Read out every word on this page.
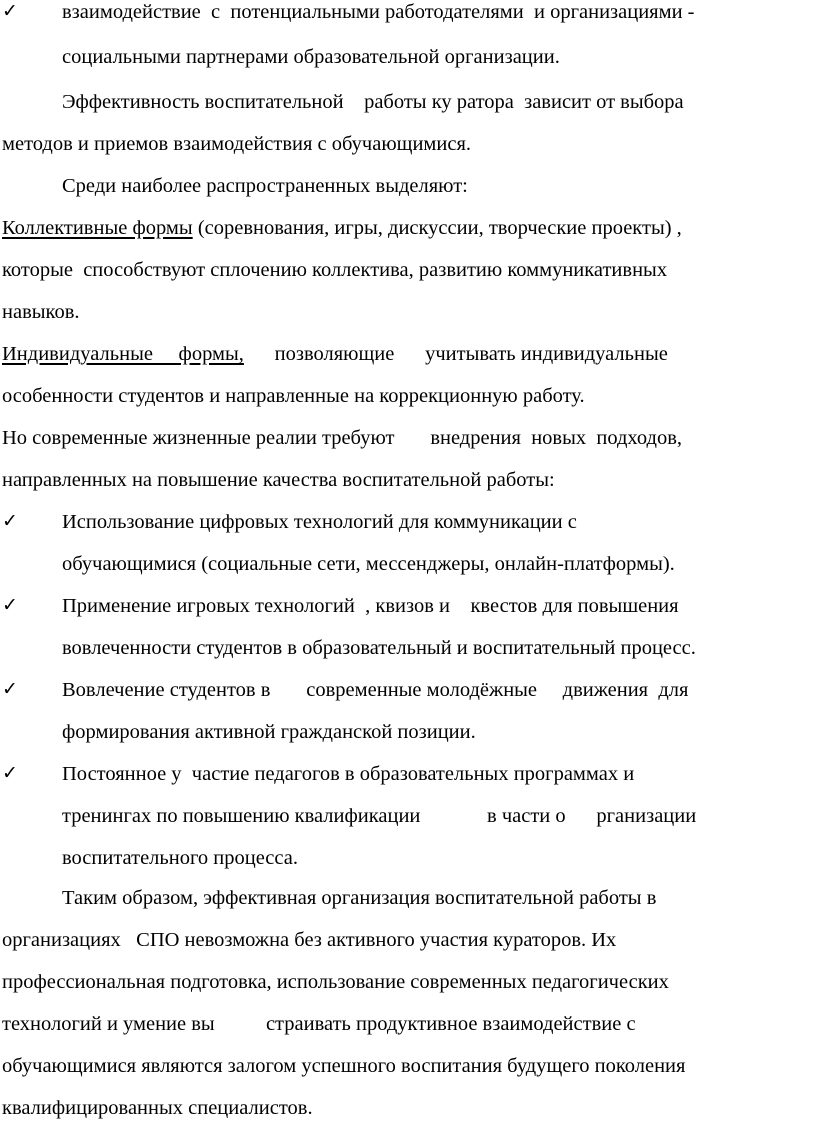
✓ взаимодействие  с  потенциальными работодателями  и организациями -
социальными партнерами образовательной организации.
Эффективность воспитательной    работы ку ратора  зависит от выбора
методов и приемов взаимодействия с обучающимися.
Среди наиболее распространенных выделяют:
Коллективные формы (соревнования, игры, дискуссии, творческие проекты) ,
которые  способствуют сплочению коллектива, развитию коммуникативных
навыков.
Индивидуальные     формы,      позволяющие      учитывать индивидуальные
особенности студентов и направленные на коррекционную работу.
Но современные жизненные реалии требуют       внедрения  новых  подходов,
направленных на повышение качества воспитательной работы:
✓ Использование цифровых технологий для коммуникации с
обучающимися (социальные сети, мессенджеры, онлайн-платформы).
✓ Применение игровых технологий  , квизов и    квестов для повышения
вовлеченности студентов в образовательный и воспитательный процесс.
✓ Вовлечение студентов в       современные молодёжные     движения  для
формирования активной гражданской позиции.
✓ Постоянное у  частие педагогов в образовательных программах и
тренингах по повышению квалификации             в части о      рганизации
воспитательного процесса.
Таким образом, эффективная организация воспитательной работы в
организациях   СПО невозможна без активного участия кураторов. Их
профессиональная подготовка, использование современных педагогических
технологий и умение вы          страивать продуктивное взаимодействие с
обучающимися являются залогом успешного воспитания будущего поколения
квалифицированных специалистов.
